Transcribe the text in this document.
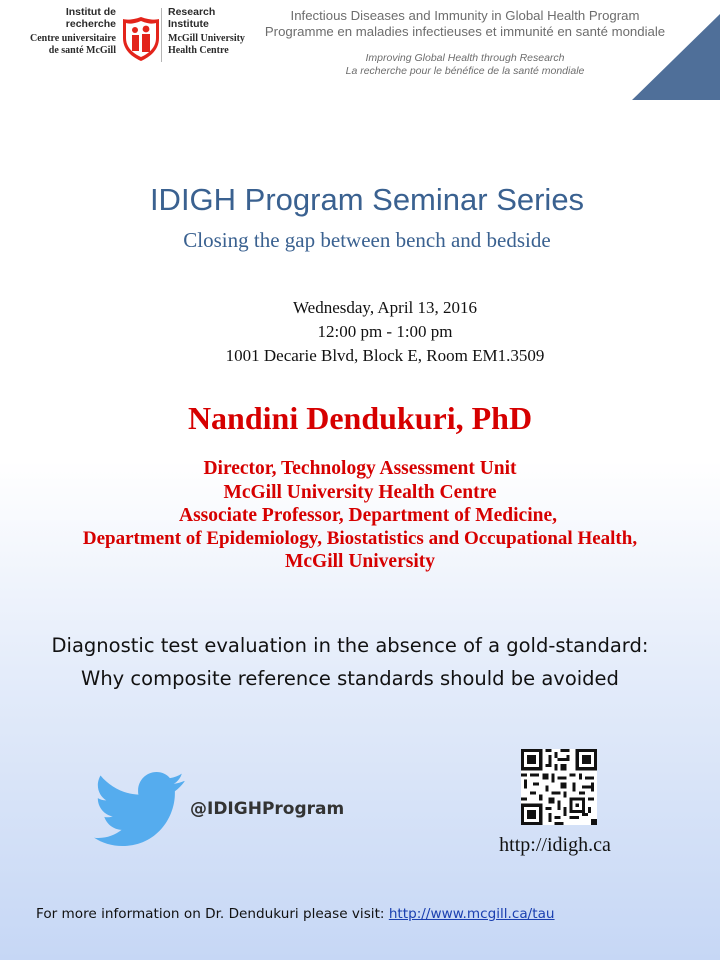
Institut de
recherche
Centre universitaire
de santé McGill
Research
Institute
McGill University
Health Centre
Infectious Diseases and Immunity in Global Health Program
Programme en maladies infectieuses et immunité en santé mondiale
Improving Global Health through Research
La recherche pour le bénéfice de la santé mondiale
IDIGH Program Seminar Series
Closing the gap between bench and bedside
Wednesday, April 13, 2016
12:00 pm - 1:00 pm
1001 Decarie Blvd, Block E, Room EM1.3509
Nandini Dendukuri, PhD
Director, Technology Assessment Unit
McGill University Health Centre
Associate Professor, Department of Medicine,
Department of Epidemiology, Biostatistics and Occupational Health,
McGill University
Diagnostic test evaluation in the absence of a gold-standard:
Why composite reference standards should be avoided
@IDIGHProgram
http://idigh.ca
For more information on Dr. Dendukuri please visit: http://www.mcgill.ca/tau
